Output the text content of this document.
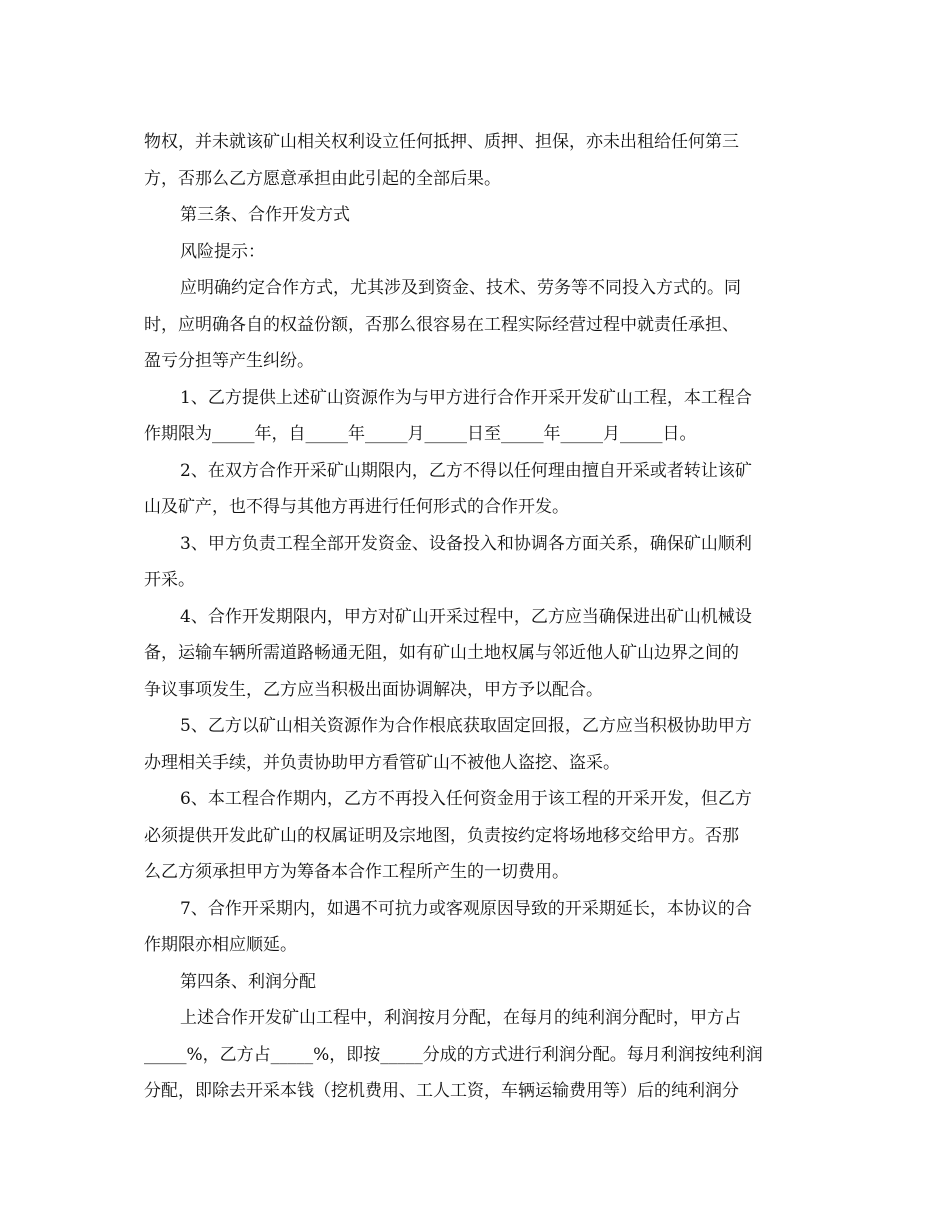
物权，并未就该矿山相关权利设立任何抵押、质押、担保，亦未出租给任何第三
方，否那么乙方愿意承担由此引起的全部后果。
第三条、合作开发方式
风险提示：
应明确约定合作方式，尤其涉及到资金、技术、劳务等不同投入方式的。同
时，应明确各自的权益份额，否那么很容易在工程实际经营过程中就责任承担、
盈亏分担等产生纠纷。
1、乙方提供上述矿山资源作为与甲方进行合作开采开发矿山工程，本工程合
作期限为_____年，自_____年_____月_____日至_____年_____月_____日。
2、在双方合作开采矿山期限内，乙方不得以任何理由擅自开采或者转让该矿
山及矿产，也不得与其他方再进行任何形式的合作开发。
3、甲方负责工程全部开发资金、设备投入和协调各方面关系，确保矿山顺利
开采。
4、合作开发期限内，甲方对矿山开采过程中，乙方应当确保进出矿山机械设
备，运输车辆所需道路畅通无阻，如有矿山土地权属与邻近他人矿山边界之间的
争议事项发生，乙方应当积极出面协调解决，甲方予以配合。
5、乙方以矿山相关资源作为合作根底获取固定回报，乙方应当积极协助甲方
办理相关手续，并负责协助甲方看管矿山不被他人盗挖、盗采。
6、本工程合作期内，乙方不再投入任何资金用于该工程的开采开发，但乙方
必须提供开发此矿山的权属证明及宗地图，负责按约定将场地移交给甲方。否那
么乙方须承担甲方为筹备本合作工程所产生的一切费用。
7、合作开采期内，如遇不可抗力或客观原因导致的开采期延长，本协议的合
作期限亦相应顺延。
第四条、利润分配
上述合作开发矿山工程中，利润按月分配，在每月的纯利润分配时，甲方占
_____%，乙方占_____%，即按_____分成的方式进行利润分配。每月利润按纯利润
分配，即除去开采本钱（挖机费用、工人工资，车辆运输费用等）后的纯利润分
